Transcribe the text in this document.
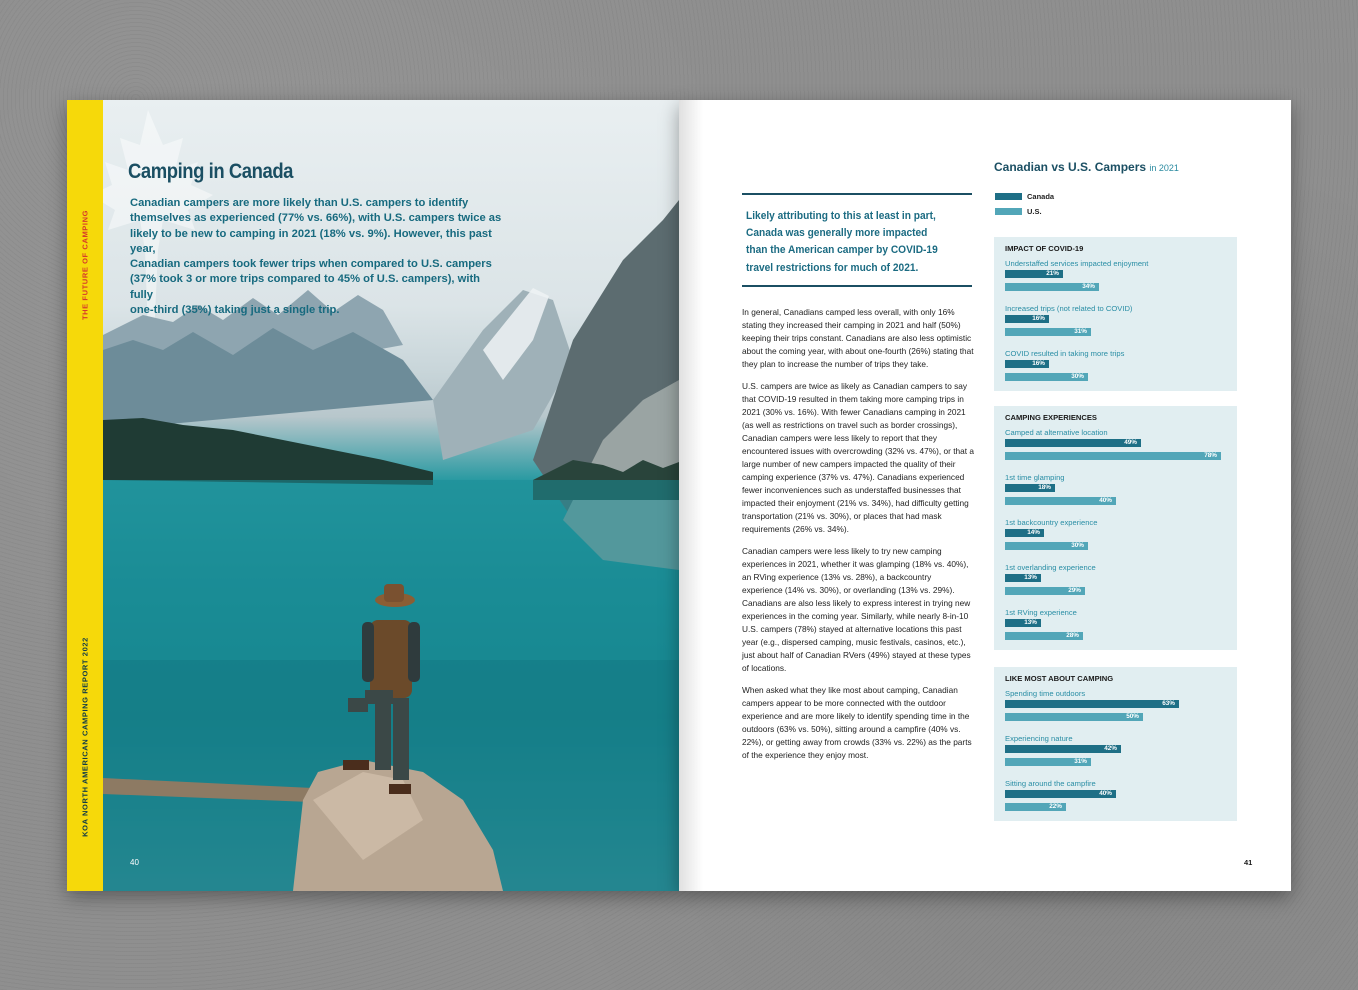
THE FUTURE OF CAMPING
KOA NORTH AMERICAN CAMPING REPORT 2022
Camping in Canada
Canadian campers are more likely than U.S. campers to identify
themselves as experienced (77% vs. 66%), with U.S. campers twice as
likely to be new to camping in 2021 (18% vs. 9%). However, this past year,
Canadian campers took fewer trips when compared to U.S. campers
(37% took 3 or more trips compared to 45% of U.S. campers), with fully
one-third (35%) taking just a single trip.
40
Likely attributing to this at least in part, Canada was generally more impacted than the American camper by COVID-19 travel restrictions for much of 2021.

In general, Canadians camped less overall, with only 16% stating they increased their camping in 2021 and half (50%) keeping their trips constant. Canadians are also less optimistic about the coming year, with about one-fourth (26%) stating that they plan to increase the number of trips they take.

U.S. campers are twice as likely as Canadian campers to say that COVID-19 resulted in them taking more camping trips in 2021 (30% vs. 16%). With fewer Canadians camping in 2021 (as well as restrictions on travel such as border crossings), Canadian campers were less likely to report that they encountered issues with overcrowding (32% vs. 47%), or that a large number of new campers impacted the quality of their camping experience (37% vs. 47%). Canadians experienced fewer inconveniences such as understaffed businesses that impacted their enjoyment (21% vs. 34%), had difficulty getting transportation (21% vs. 30%), or places that had mask requirements (26% vs. 34%).

Canadian campers were less likely to try new camping experiences in 2021, whether it was glamping (18% vs. 40%), an RVing experience (13% vs. 28%), a backcountry experience (14% vs. 30%), or overlanding (13% vs. 29%). Canadians are also less likely to express interest in trying new experiences in the coming year. Similarly, while nearly 8-in-10 U.S. campers (78%) stayed at alternative locations this past year (e.g., dispersed camping, music festivals, casinos, etc.), just about half of Canadian RVers (49%) stayed at these types of locations.

When asked what they like most about camping, Canadian campers appear to be more connected with the outdoor experience and are more likely to identify spending time in the outdoors (63% vs. 50%), sitting around a campfire (40% vs. 22%), or getting away from crowds (33% vs. 22%) as the parts of the experience they enjoy most.

Canadian vs U.S. Campers in 2021
Canada
U.S.
IMPACT OF COVID-19
Understaffed services impacted enjoyment
21%
34%
Increased trips (not related to COVID)
16%
31%
COVID resulted in taking more trips
16%
30%
CAMPING EXPERIENCES
Camped at alternative location
49%
78%
1st time glamping
18%
40%
1st backcountry experience
14%
30%
1st overlanding experience
13%
29%
1st RVing experience
13%
28%
LIKE MOST ABOUT CAMPING
Spending time outdoors
63%
50%
Experiencing nature
42%
31%
Sitting around the campfire
40%
22%
41
